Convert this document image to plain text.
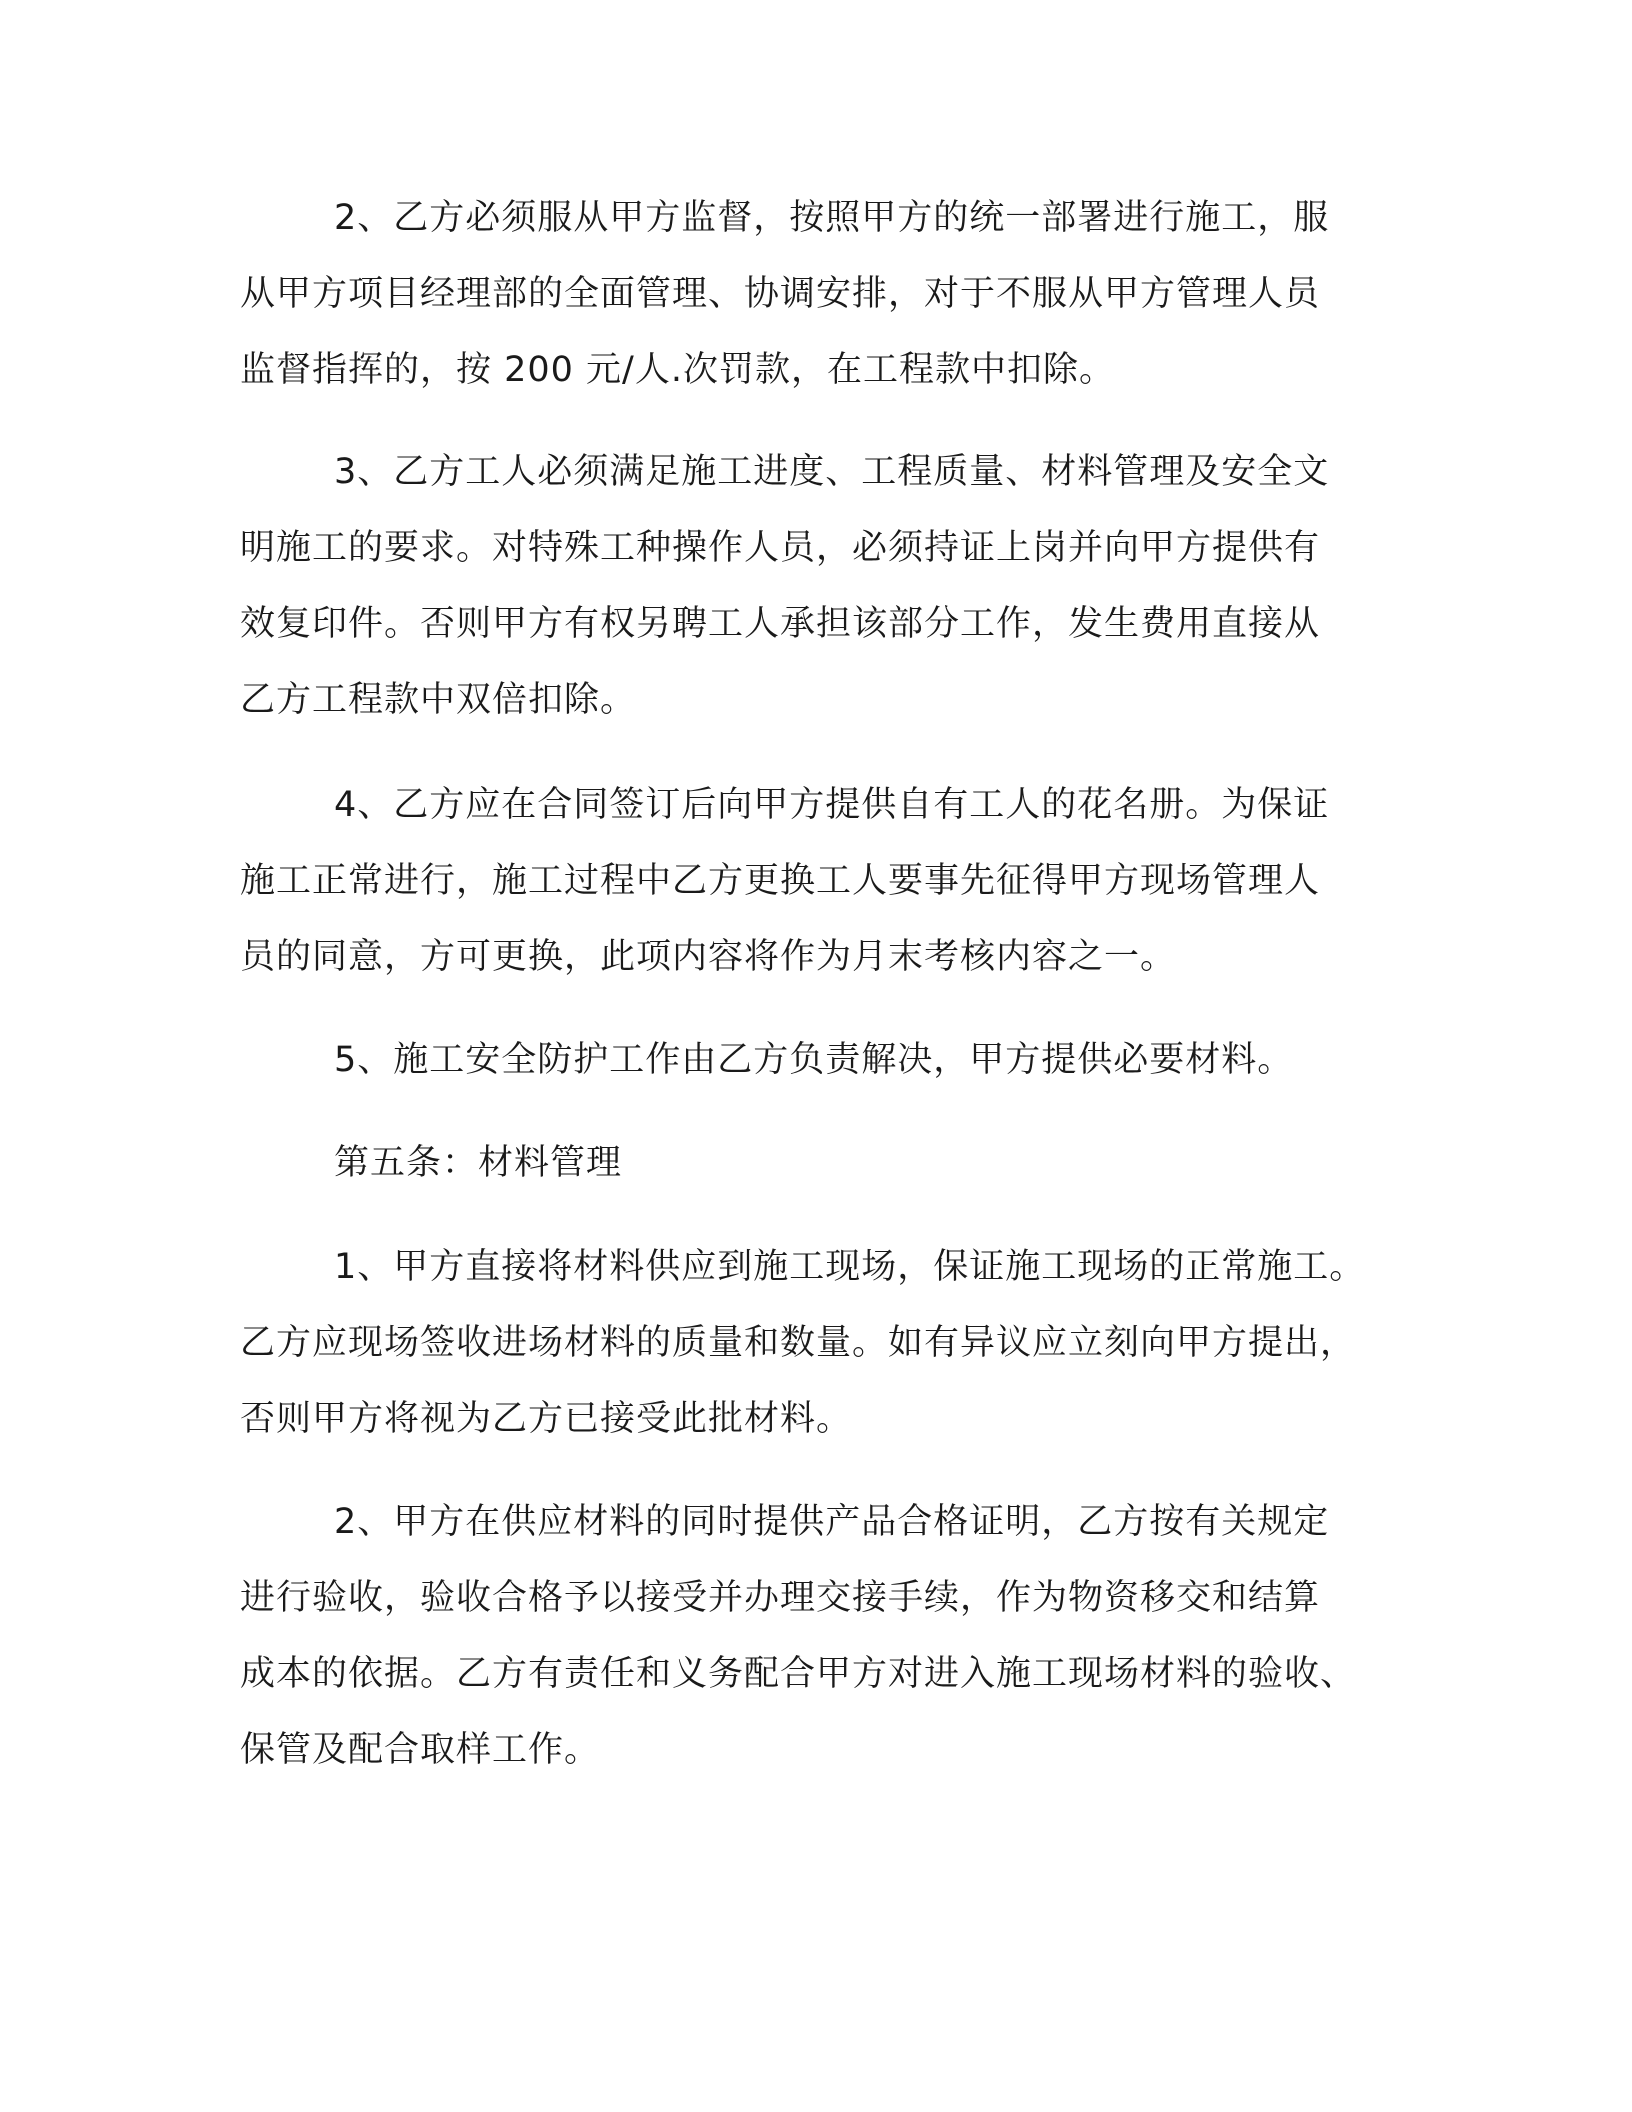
2、乙方必须服从甲方监督，按照甲方的统一部署进行施工，服
从甲方项目经理部的全面管理、协调安排，对于不服从甲方管理人员
监督指挥的，按 200 元/人.次罚款，在工程款中扣除。
3、乙方工人必须满足施工进度、工程质量、材料管理及安全文
明施工的要求。对特殊工种操作人员，必须持证上岗并向甲方提供有
效复印件。否则甲方有权另聘工人承担该部分工作，发生费用直接从
乙方工程款中双倍扣除。
4、乙方应在合同签订后向甲方提供自有工人的花名册。为保证
施工正常进行，施工过程中乙方更换工人要事先征得甲方现场管理人
员的同意，方可更换，此项内容将作为月末考核内容之一。
5、施工安全防护工作由乙方负责解决，甲方提供必要材料。
第五条：材料管理
1、甲方直接将材料供应到施工现场，保证施工现场的正常施工。
乙方应现场签收进场材料的质量和数量。如有异议应立刻向甲方提出，
否则甲方将视为乙方已接受此批材料。
2、甲方在供应材料的同时提供产品合格证明，乙方按有关规定
进行验收，验收合格予以接受并办理交接手续，作为物资移交和结算
成本的依据。乙方有责任和义务配合甲方对进入施工现场材料的验收、
保管及配合取样工作。
